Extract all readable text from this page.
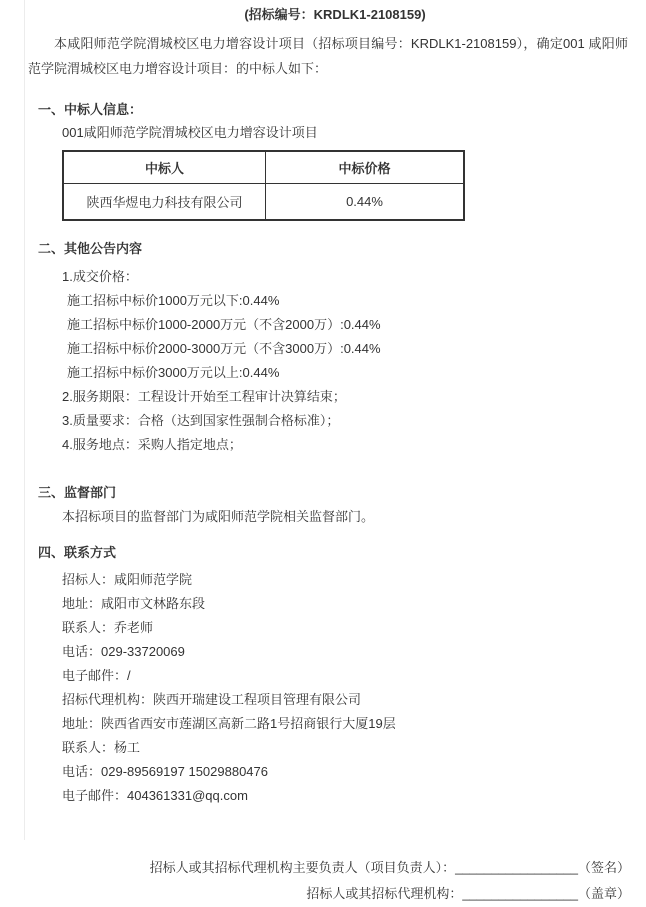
(招标编号：KRDLK1-2108159)
本咸阳师范学院渭城校区电力增容设计项目（招标项目编号：KRDLK1-2108159），确定001 咸阳师范学院渭城校区电力增容设计项目：的中标人如下：
一、中标人信息：
001咸阳师范学院渭城校区电力增容设计项目
中标人	中标价格
陕西华煜电力科技有限公司	0.44%
二、其他公告内容
1.成交价格：
施工招标中标价1000万元以下:0.44%
施工招标中标价1000-2000万元（不含2000万）:0.44%
施工招标中标价2000-3000万元（不含3000万）:0.44%
施工招标中标价3000万元以上:0.44%
2.服务期限：工程设计开始至工程审计决算结束；
3.质量要求：合格（达到国家性强制合格标准）；
4.服务地点：采购人指定地点；
三、监督部门
本招标项目的监督部门为咸阳师范学院相关监督部门。
四、联系方式
招标人：咸阳师范学院
地址：咸阳市文林路东段
联系人：乔老师
电话：029-33720069
电子邮件：/
招标代理机构：陕西开瑞建设工程项目管理有限公司
地址：陕西省西安市莲湖区高新二路1号招商银行大厦19层
联系人：杨工
电话：029-89569197 15029880476
电子邮件：404361331@qq.com
招标人或其招标代理机构主要负责人（项目负责人）：_________________（签名）
招标人或其招标代理机构：________________（盖章）
